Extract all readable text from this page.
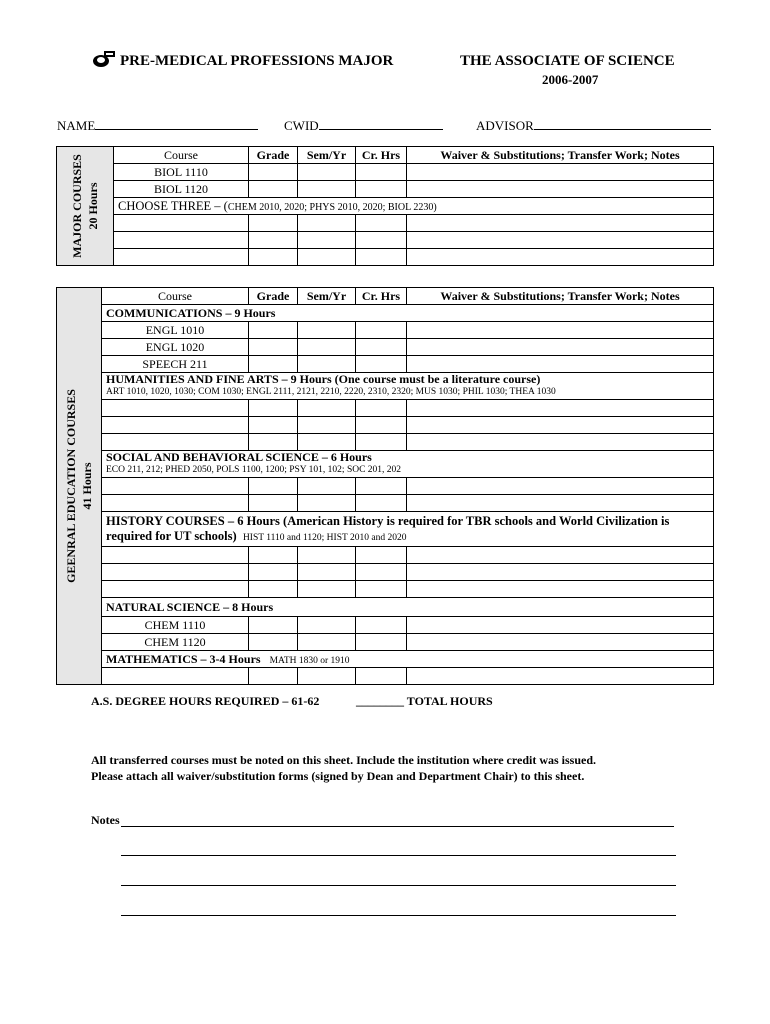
PRE-MEDICAL PROFESSIONS MAJOR	THE ASSOCIATE OF SCIENCE
2006-2007
NAME	CWID	ADVISOR
MAJOR COURSES 20 Hours	Course	Grade	Sem/Yr	Cr. Hrs	Waiver & Substitutions; Transfer Work; Notes
	BIOL 1110				
	BIOL 1120				
	CHOOSE THREE – (CHEM 2010, 2020; PHYS 2010, 2020; BIOL 2230)				

GEENRAL EDUCATION COURSES 41 Hours	Course	Grade	Sem/Yr	Cr. Hrs	Waiver & Substitutions; Transfer Work; Notes
	COMMUNICATIONS – 9 Hours				
	ENGL 1010				
	ENGL 1020				
	SPEECH 211				

	HUMANITIES AND FINE ARTS – 9 Hours (One course must be a literature course)
ART 1010, 1020, 1030; COM 1030; ENGL 2111, 2121, 2210, 2220, 2310, 2320; MUS 1030; PHIL 1030; THEA 1030				

	SOCIAL AND BEHAVIORAL SCIENCE – 6 Hours
ECO 211, 212; PHED 2050, POLS 1100, 1200; PSY 101, 102; SOC 201, 202				

	HISTORY COURSES – 6 Hours (American History is required for TBR schools and World Civilization is
required for UT schools) HIST 1110 and 1120; HIST 2010 and 2020				

	NATURAL SCIENCE – 8 Hours				
	CHEM 1110				
	CHEM 1120				
	MATHEMATICS – 3-4 Hours MATH 1830 or 1910				

A.S. DEGREE HOURS REQUIRED – 61-62	________ TOTAL HOURS
All transferred courses must be noted on this sheet. Include the institution where credit was issued.
Please attach all waiver/substitution forms (signed by Dean and Department Chair) to this sheet.
Notes
